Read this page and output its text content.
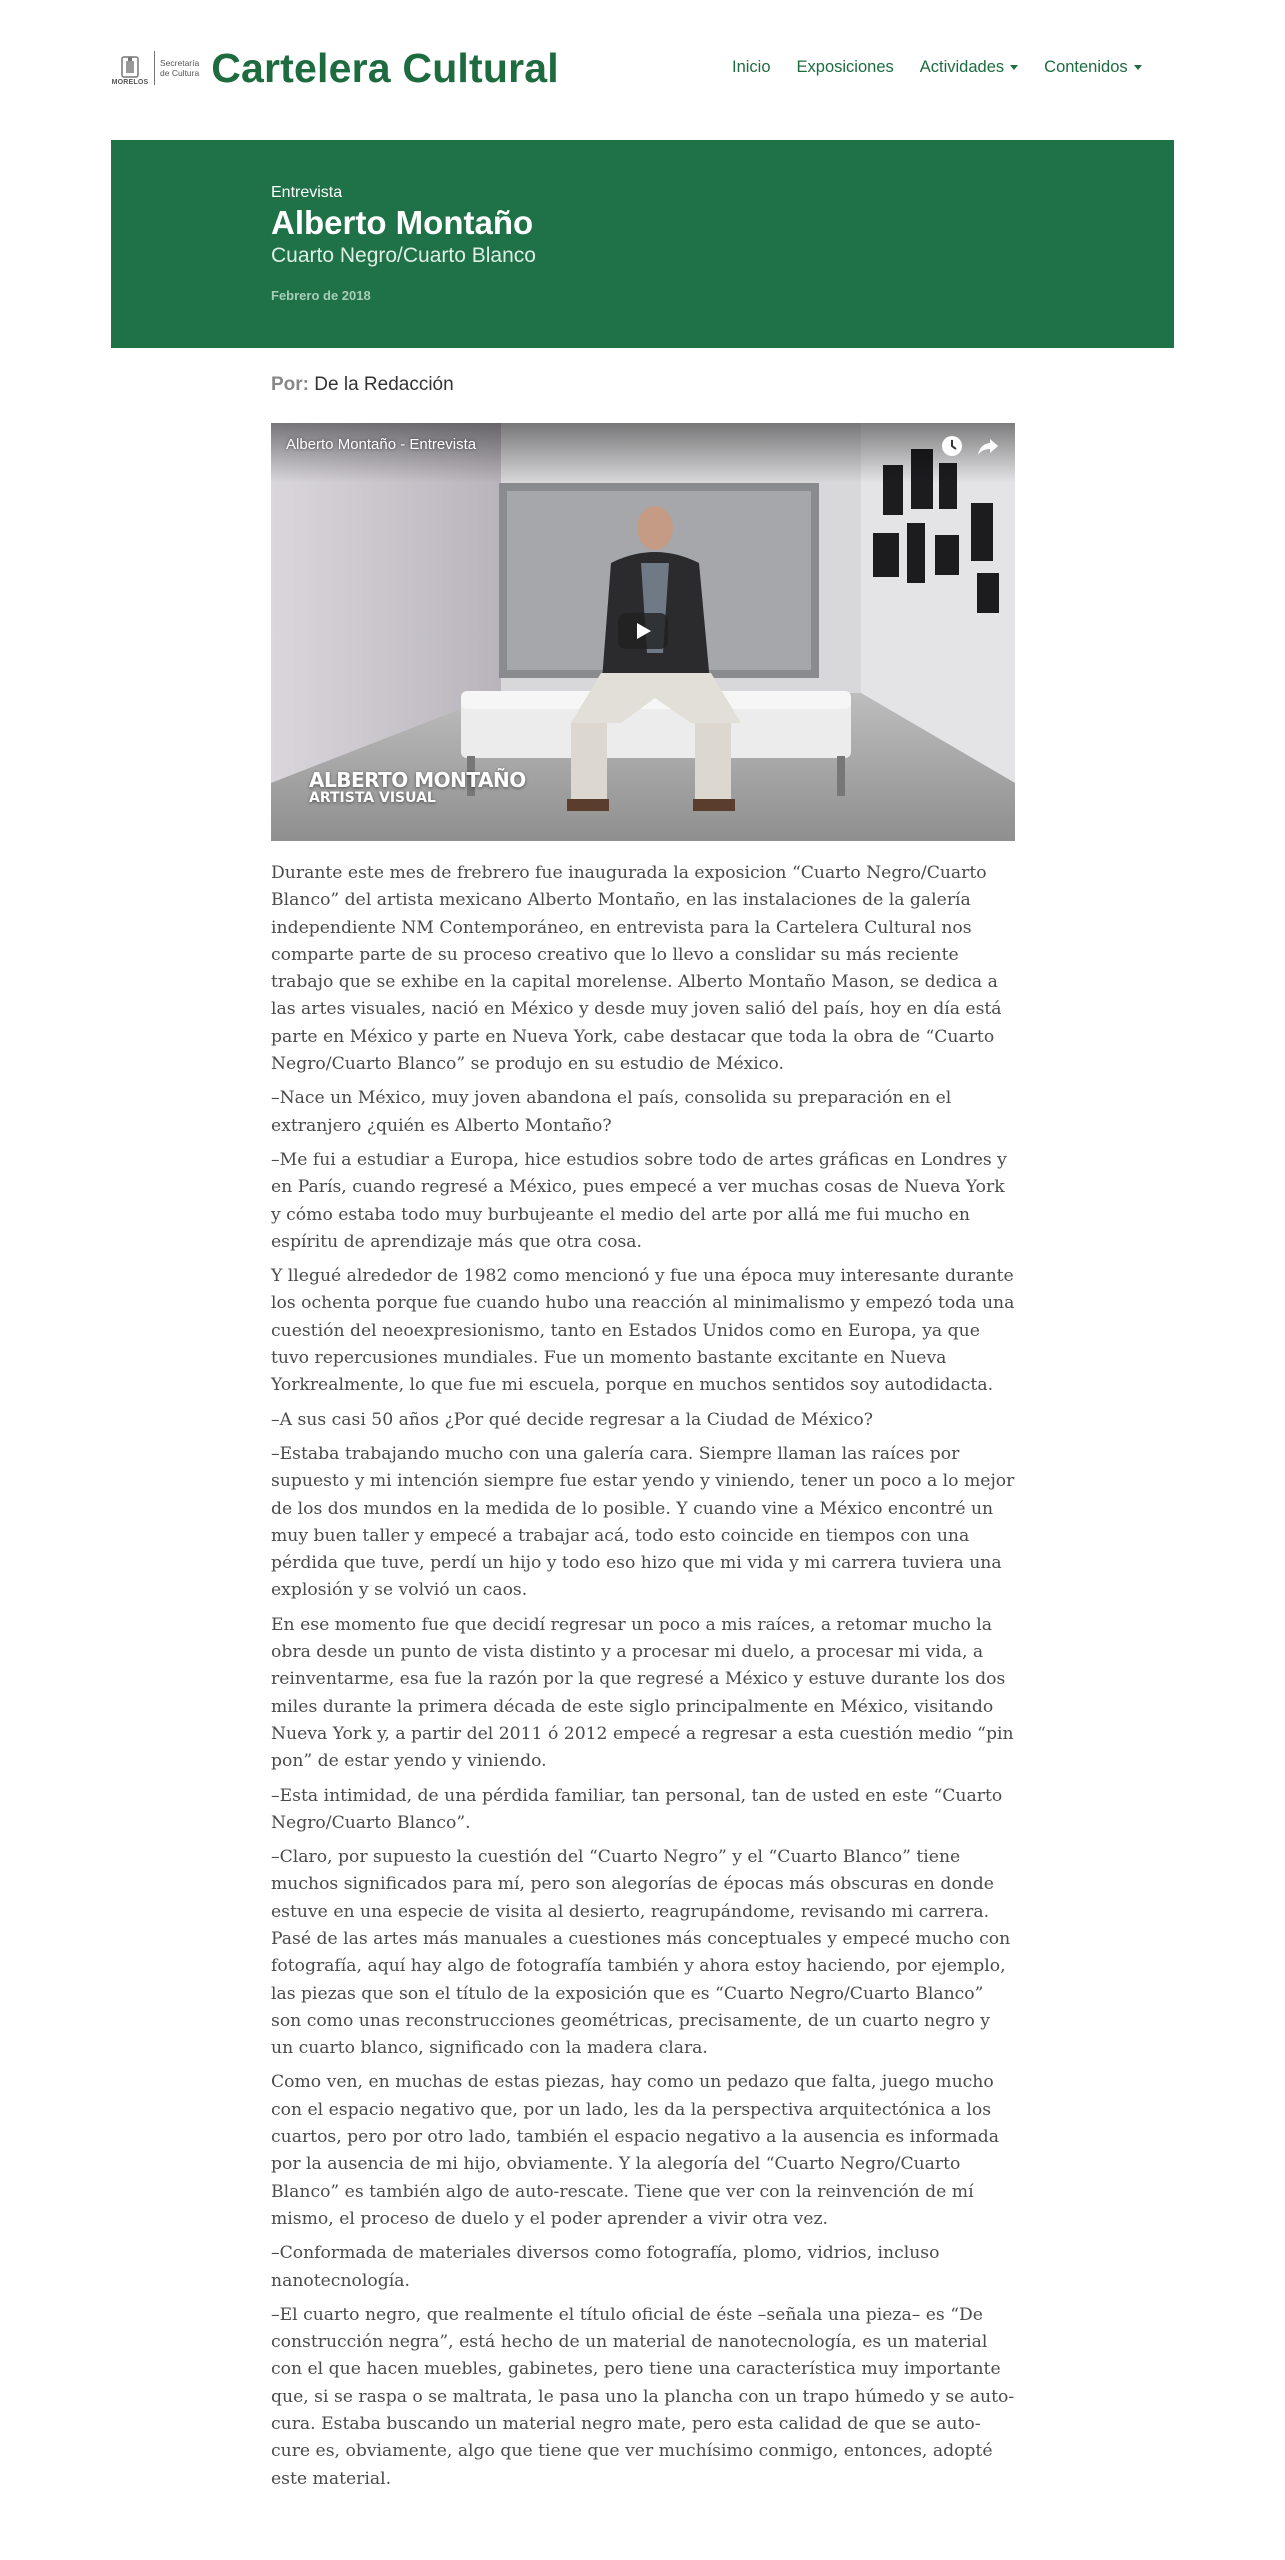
MORELOS
Secretaría
de Cultura Cartelera Cultural	Inicio Exposiciones Actividades	Contenidos
Entrevista
Alberto Montaño
Cuarto Negro/Cuarto Blanco
Febrero de 2018
Por: De la Redacción
Alberto Montaño - Entrevista
ALBERTO MONTAÑO
ARTISTA VISUAL

Durante este mes de frebrero fue inaugurada la exposicion “Cuarto Negro/Cuarto Blanco” del artista mexicano Alberto Montaño, en las instalaciones de la galería independiente NM Contemporáneo, en entrevista para la Cartelera Cultural nos comparte parte de su proceso creativo que lo llevo a conslidar su más reciente trabajo que se exhibe en la capital morelense. Alberto Montaño Mason, se dedica a las artes visuales, nació en México y desde muy joven salió del país, hoy en día está parte en México y parte en Nueva York, cabe destacar que toda la obra de “Cuarto Negro/Cuarto Blanco” se produjo en su estudio de México.

–Nace un México, muy joven abandona el país, consolida su preparación en el extranjero ¿quién es Alberto Montaño?

–Me fui a estudiar a Europa, hice estudios sobre todo de artes gráficas en Londres y en París, cuando regresé a México, pues empecé a ver muchas cosas de Nueva York y cómo estaba todo muy burbujeante el medio del arte por allá me fui mucho en espíritu de aprendizaje más que otra cosa.

Y llegué alrededor de 1982 como mencionó y fue una época muy interesante durante los ochenta porque fue cuando hubo una reacción al minimalismo y empezó toda una cuestión del neoexpresionismo, tanto en Estados Unidos como en Europa, ya que tuvo repercusiones mundiales. Fue un momento bastante excitante en Nueva Yorkrealmente, lo que fue mi escuela, porque en muchos sentidos soy autodidacta.

–A sus casi 50 años ¿Por qué decide regresar a la Ciudad de México?

–Estaba trabajando mucho con una galería cara. Siempre llaman las raíces por supuesto y mi intención siempre fue estar yendo y viniendo, tener un poco a lo mejor de los dos mundos en la medida de lo posible. Y cuando vine a México encontré un muy buen taller y empecé a trabajar acá, todo esto coincide en tiempos con una pérdida que tuve, perdí un hijo y todo eso hizo que mi vida y mi carrera tuviera una explosión y se volvió un caos.

En ese momento fue que decidí regresar un poco a mis raíces, a retomar mucho la obra desde un punto de vista distinto y a procesar mi duelo, a procesar mi vida, a reinventarme, esa fue la razón por la que regresé a México y estuve durante los dos miles durante la primera década de este siglo principalmente en México, visitando Nueva York y, a partir del 2011 ó 2012 empecé a regresar a esta cuestión medio “pin pon” de estar yendo y viniendo.

–Esta intimidad, de una pérdida familiar, tan personal, tan de usted en este “Cuarto Negro/Cuarto Blanco”.

–Claro, por supuesto la cuestión del “Cuarto Negro” y el “Cuarto Blanco” tiene muchos significados para mí, pero son alegorías de épocas más obscuras en donde estuve en una especie de visita al desierto, reagrupándome, revisando mi carrera. Pasé de las artes más manuales a cuestiones más conceptuales y empecé mucho con fotografía, aquí hay algo de fotografía también y ahora estoy haciendo, por ejemplo, las piezas que son el título de la exposición que es “Cuarto Negro/Cuarto Blanco” son como unas reconstrucciones geométricas, precisamente, de un cuarto negro y un cuarto blanco, significado con la madera clara.

Como ven, en muchas de estas piezas, hay como un pedazo que falta, juego mucho con el espacio negativo que, por un lado, les da la perspectiva arquitectónica a los cuartos, pero por otro lado, también el espacio negativo a la ausencia es informada por la ausencia de mi hijo, obviamente. Y la alegoría del “Cuarto Negro/Cuarto Blanco” es también algo de auto-rescate. Tiene que ver con la reinvención de mí mismo, el proceso de duelo y el poder aprender a vivir otra vez.

–Conformada de materiales diversos como fotografía, plomo, vidrios, incluso nanotecnología.

–El cuarto negro, que realmente el título oficial de éste –señala una pieza– es “De construcción negra”, está hecho de un material de nanotecnología, es un material con el que hacen muebles, gabinetes, pero tiene una característica muy importante que, si se raspa o se maltrata, le pasa uno la plancha con un trapo húmedo y se auto-cura. Estaba buscando un material negro mate, pero esta calidad de que se auto-cure es, obviamente, algo que tiene que ver muchísimo conmigo, entonces, adopté este material.
